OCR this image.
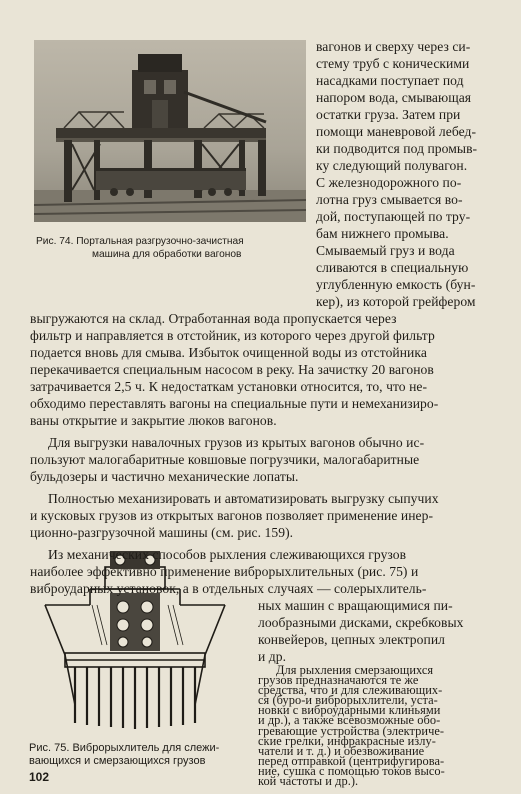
Рис. 74. Портальная разгрузочно-зачистная
машина для обработки вагонов
Рис. 75. Виброрыхлитель для слежи-
вающихся и смерзающихся грузов
вагонов и сверху через си-
стему труб с коническими
насадками поступает под
напором вода, смывающая
остатки груза. Затем при
помощи маневровой лебед-
ки подводится под промыв-
ку следующий полувагон.
С железнодорожного по-
лотна груз смывается во-
дой, поступающей по тру-
бам нижнего промыва.
Смываемый груз и вода
сливаются в специальную
углубленную емкость (бун-
кер), из которой грейфером
выгружаются на склад. Отработанная вода пропускается через
фильтр и направляется в отстойник, из которого через другой фильтр
подается вновь для смыва. Избыток очищенной воды из отстойника
перекачивается специальным насосом в реку. На зачистку 20 вагонов
затрачивается 2,5 ч. К недостаткам установки относится, то, что не-
обходимо переставлять вагоны на специальные пути и немеханизиро-
ваны открытие и закрытие люков вагонов.
Для выгрузки навалочных грузов из крытых вагонов обычно ис-
пользуют малогабаритные ковшовые погрузчики, малогабаритные
бульдозеры и частично механические лопаты.
Полностью механизировать и автоматизировать выгрузку сыпучих
и кусковых грузов из открытых вагонов позволяет применение инер-
ционно-разгрузочной машины (см. рис. 159).
Из механических способов рыхления слеживающихся грузов
наиболее эффективно применение виброрыхлительных (рис. 75) и
виброударных установок, а в отдельных случаях — солерыхлитель-
ных машин с вращающимися пи-
лообразными дисками, скребковых
конвейеров, цепных электропил
и др.
102
Для рыхления смерзающихся
грузов предназначаются те же
средства, что и для слеживающих-
ся (буро-и виброрыхлители, уста-
новки с виброударными клиньями
и др.), а также всевозможные обо-
гревающие устройства (электриче-
ские грелки, инфракрасные излу-
чатели и т. д.) и обезвоживание
перед отправкой (центрифугирова-
ние, сушка с помощью токов высо-
кой частоты и др.).
